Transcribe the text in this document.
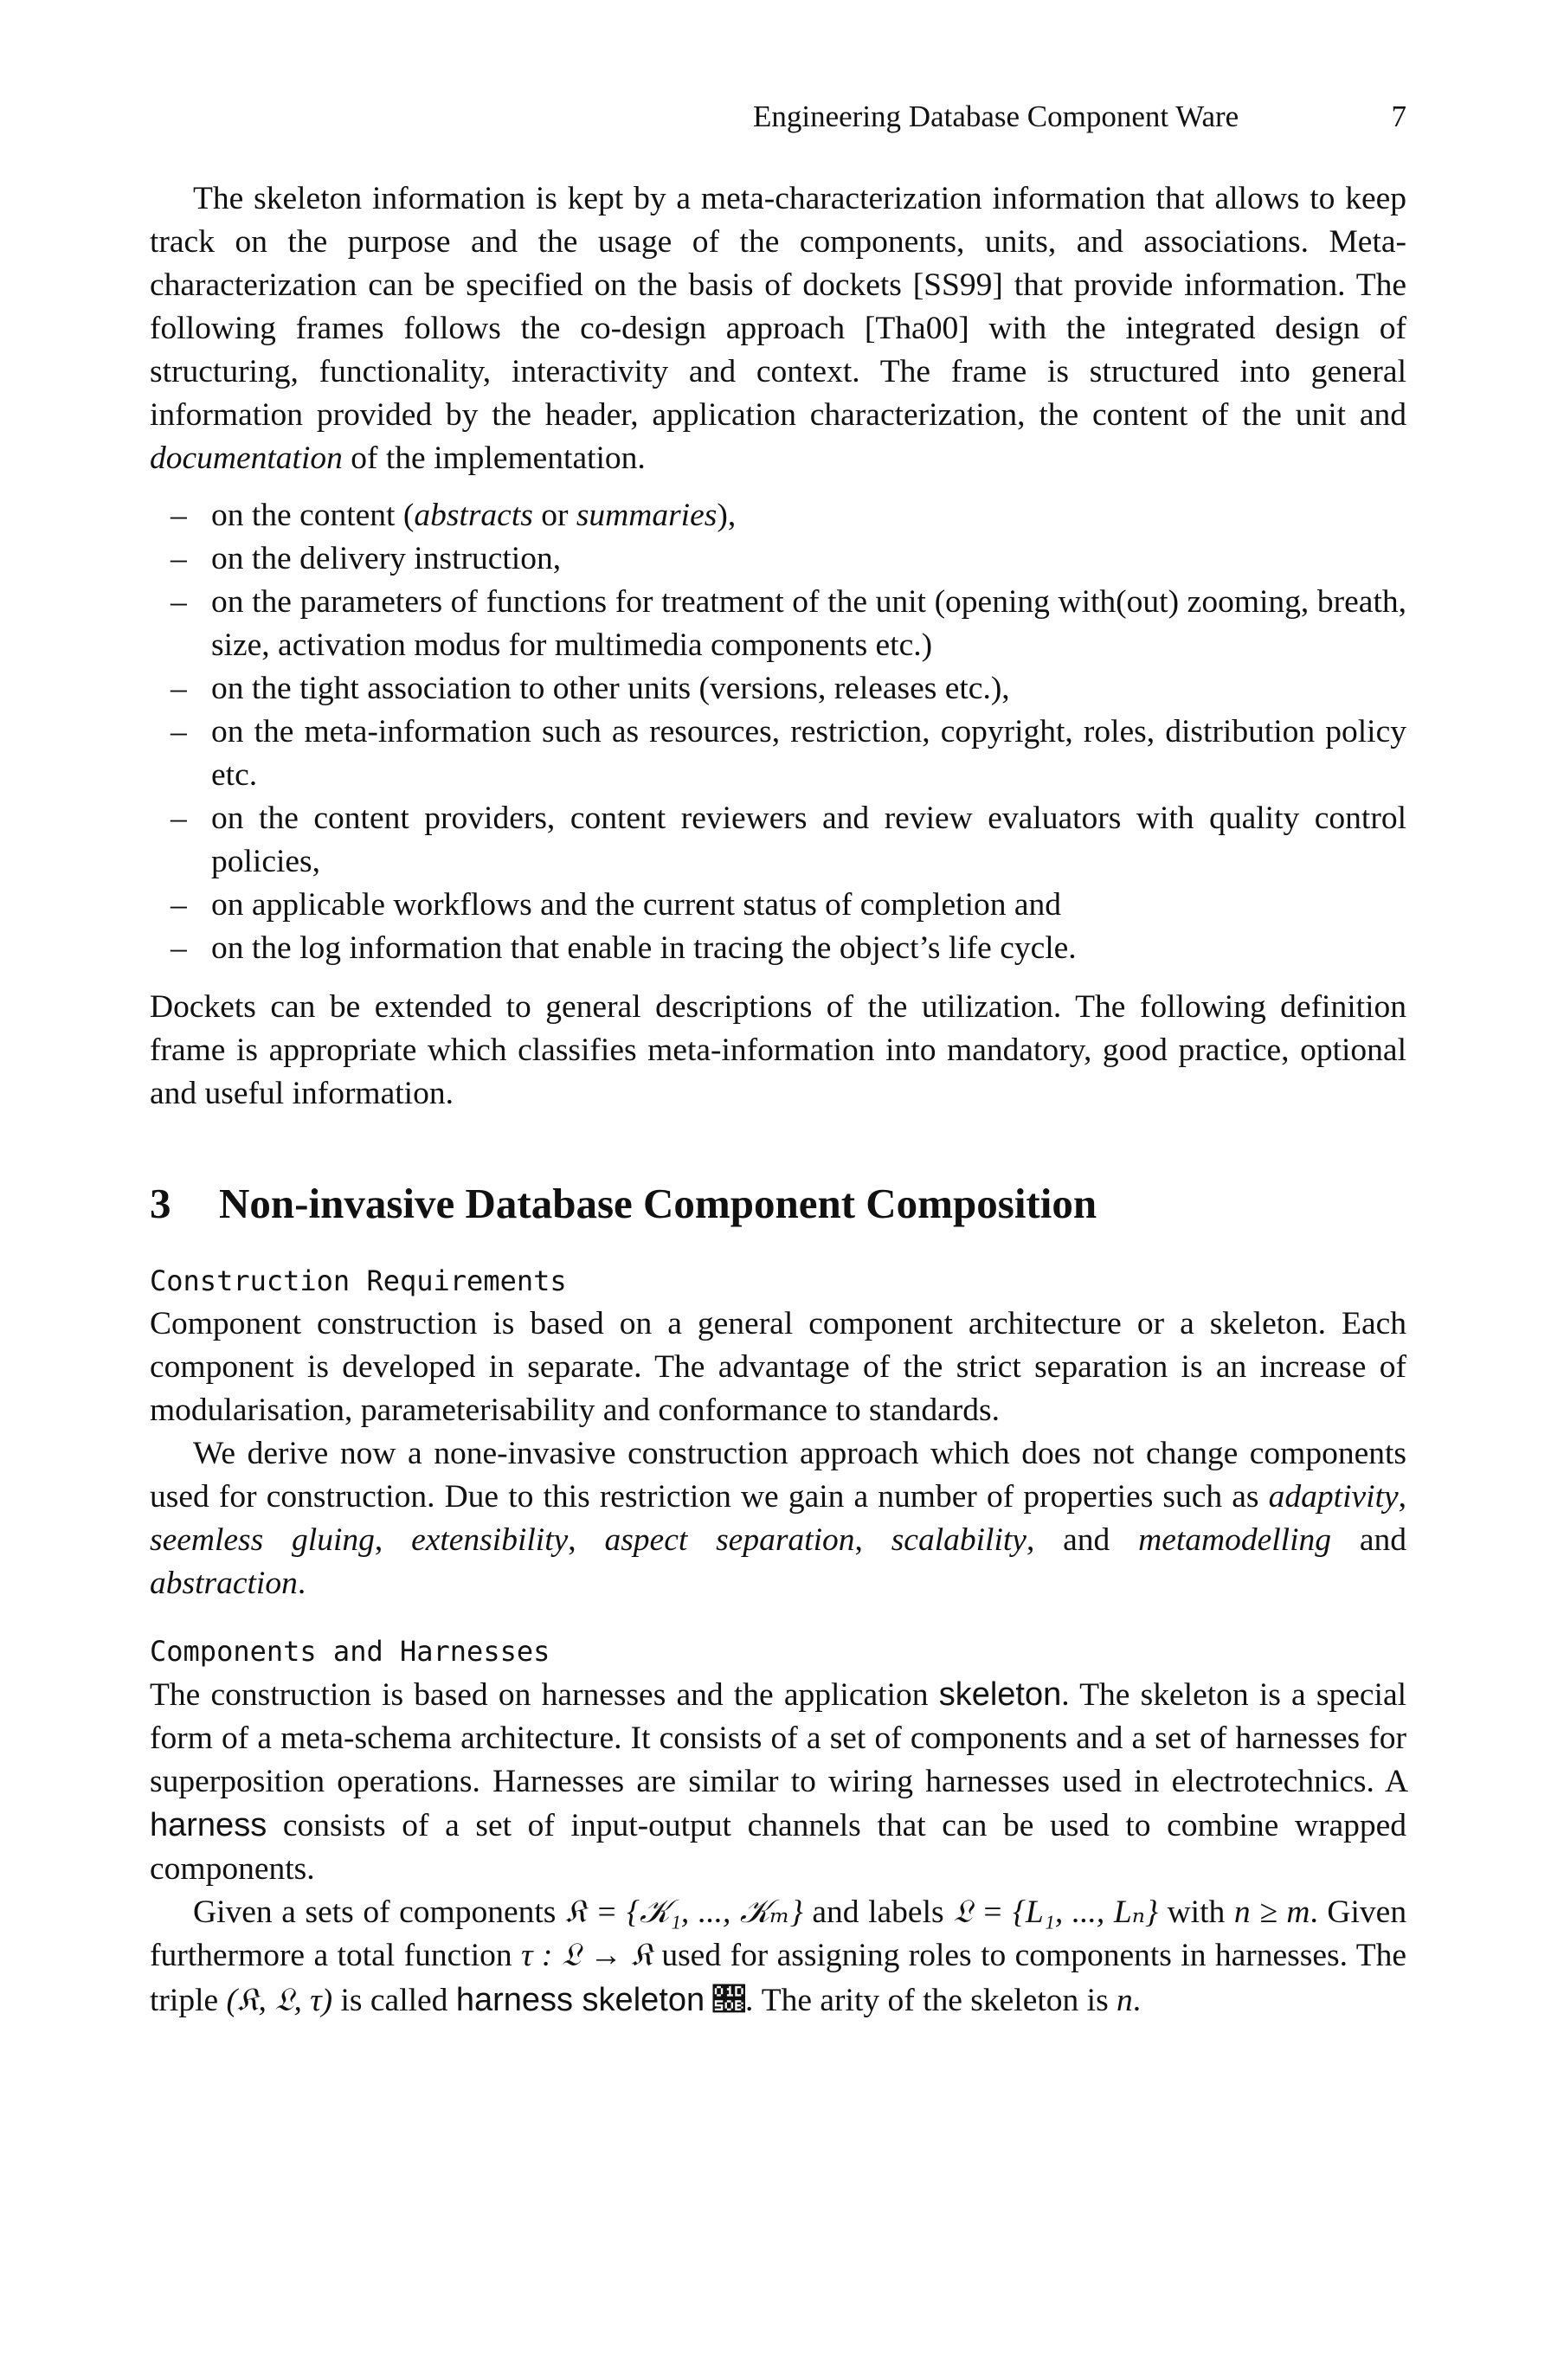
Engineering Database Component Ware	7

The skeleton information is kept by a meta-characterization information that allows to keep track on the purpose and the usage of the components, units, and associations. Meta-characterization can be specified on the basis of dockets [SS99] that provide information. The following frames follows the co-design approach [Tha00] with the integrated design of structuring, functionality, interactivity and context. The frame is structured into general information provided by the header, application characterization, the content of the unit and documentation of the implementation.

– on the content (abstracts or summaries),
– on the delivery instruction,
– on the parameters of functions for treatment of the unit (opening with(out) zooming, breath, size, activation modus for multimedia components etc.)
– on the tight association to other units (versions, releases etc.),
– on the meta-information such as resources, restriction, copyright, roles, distribution policy etc.
– on the content providers, content reviewers and review evaluators with quality control policies,
– on applicable workflows and the current status of completion and
– on the log information that enable in tracing the object’s life cycle.

Dockets can be extended to general descriptions of the utilization. The following definition frame is appropriate which classifies meta-information into mandatory, good practice, optional and useful information.

3	Non-invasive Database Component Composition
Construction Requirements

Component construction is based on a general component architecture or a skeleton. Each component is developed in separate. The advantage of the strict separation is an increase of modularisation, parameterisability and conformance to standards.

We derive now a none-invasive construction approach which does not change components used for construction. Due to this restriction we gain a number of properties such as adaptivity, seemless gluing, extensibility, aspect separation, scalability, and metamodelling and abstraction.

Components and Harnesses

The construction is based on harnesses and the application skeleton. The skeleton is a special form of a meta-schema architecture. It consists of a set of components and a set of harnesses for superposition operations. Harnesses are similar to wiring harnesses used in electrotechnics. A harness consists of a set of input-output channels that can be used to combine wrapped components.

Given a sets of components 𝔎 = {𝒦₁, ..., 𝒦ₘ} and labels 𝔏 = {L₁, ..., Lₙ} with n ≥ m. Given furthermore a total function τ : 𝔏 → 𝔎 used for assigning roles to components in harnesses. The triple (𝔎, 𝔏, τ) is called harness skeleton 𝔋. The arity of the skeleton is n.
